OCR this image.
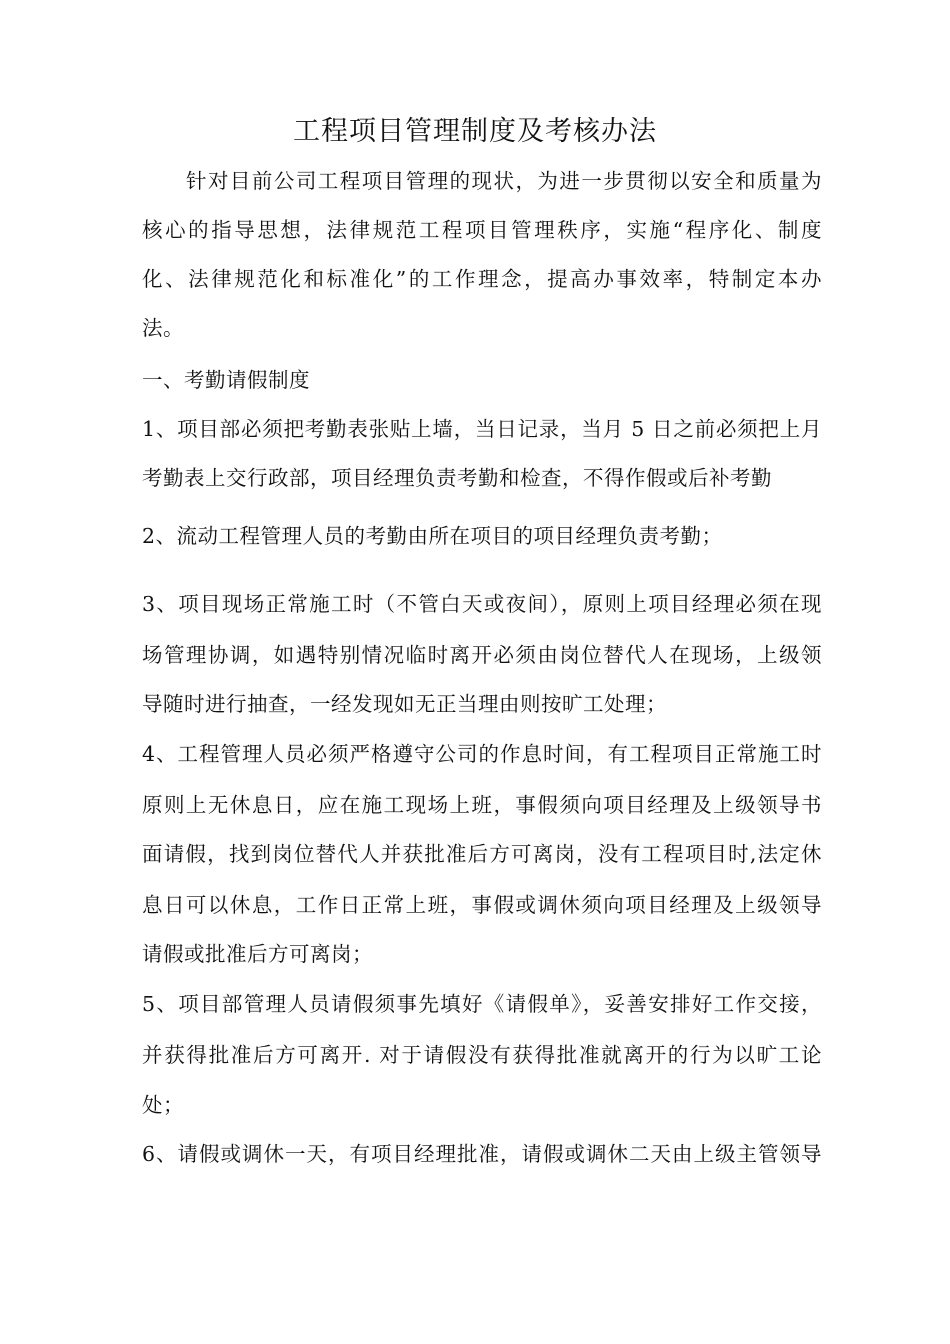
工程项目管理制度及考核办法
针对目前公司工程项目管理的现状，为进一步贯彻以安全和质量为
核心的指导思想，法律规范工程项目管理秩序，实施“程序化、制度
化、法律规范化和标准化”的工作理念，提高办事效率，特制定本办
法。
一、考勤请假制度
1、项目部必须把考勤表张贴上墙，当日记录，当月 5 日之前必须把上月
考勤表上交行政部，项目经理负责考勤和检查，不得作假或后补考勤
2、流动工程管理人员的考勤由所在项目的项目经理负责考勤；
3、项目现场正常施工时（不管白天或夜间），原则上项目经理必须在现
场管理协调，如遇特别情况临时离开必须由岗位替代人在现场，上级领
导随时进行抽查，一经发现如无正当理由则按旷工处理；
4、工程管理人员必须严格遵守公司的作息时间，有工程项目正常施工时
原则上无休息日，应在施工现场上班，事假须向项目经理及上级领导书
面请假，找到岗位替代人并获批准后方可离岗，没有工程项目时,法定休
息日可以休息，工作日正常上班，事假或调休须向项目经理及上级领导
请假或批准后方可离岗；
5、项目部管理人员请假须事先填好《请假单》，妥善安排好工作交接，
并获得批准后方可离开. 对于请假没有获得批准就离开的行为以旷工论
处；
6、请假或调休一天，有项目经理批准，请假或调休二天由上级主管领导
